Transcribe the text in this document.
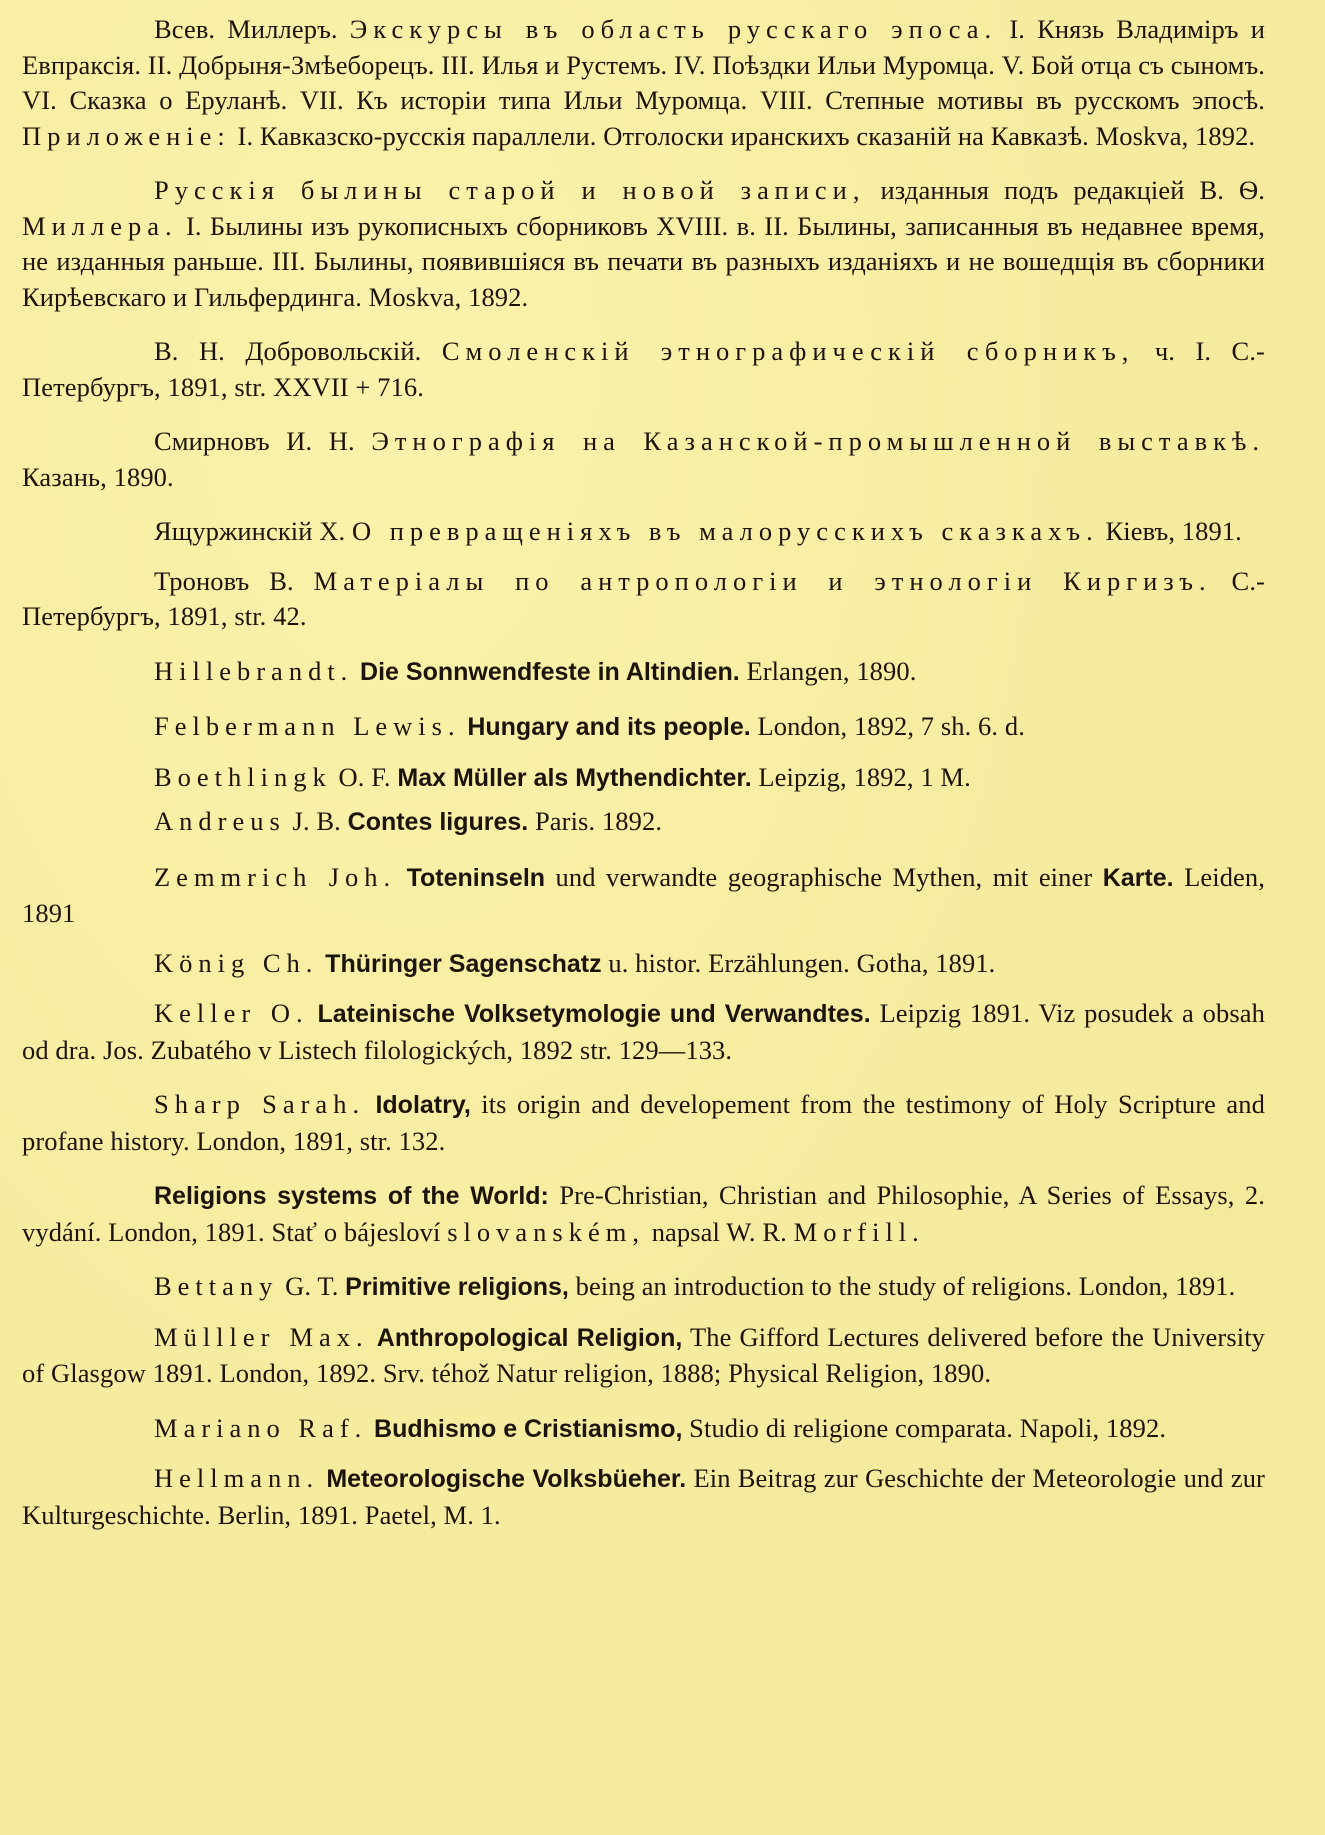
Всев. Миллеръ. Экскурсы въ область русскаго эпоса. I. Князь Владиміръ и Евпраксія. II. Добрыня-Змѣеборецъ. III. Илья и Рустемъ. IV. Поѣздки Ильи Муромца. V. Бой отца съ сыномъ. VI. Сказка о Еруланѣ. VII. Къ исторіи типа Ильи Муромца. VIII. Степные мотивы въ русскомъ эпосѣ. Приложеніе: I. Кавказско-русскія параллели. Отголоски иранскихъ сказаній на Кавказѣ. Moskva, 1892.

Русскія былины старой и новой записи, изданныя подъ редакціей В. Ѳ. Миллера. I. Былины изъ рукописныхъ сборниковъ XVIII. в. II. Былины, записанныя въ недавнее время, не изданныя раньше. III. Былины, появившіяся въ печати въ разныхъ изданіяхъ и не вошедщія въ сборники Кирѣевскаго и Гильфердинга. Moskva, 1892.

В. Н. Добровольскій. Смоленскій этнографическій сборникъ, ч. I. С.-Петербургъ, 1891, str. XXVII + 716.

Смирновъ И. Н. Этнографія на Казанской-промышленной выставкѣ. Казань, 1890.

Ящуржинскій Х. О превращеніяхъ въ малорусскихъ сказкахъ. Кіевъ, 1891.

Троновъ В. Матеріалы по антропологіи и этнологіи Киргизъ. С.-Петербургъ, 1891, str. 42.

Hillebrandt. Die Sonnwendfeste in Altindien. Erlangen, 1890.

Felbermann Lewis. Hungary and its people. London, 1892, 7 sh. 6. d.

Boethlingk O. F. Max Müller als Mythendichter. Leipzig, 1892, 1 M.

Andreus J. B. Contes ligures. Paris. 1892.

Zemmrich Joh. Toteninseln und verwandte geographische Mythen, mit einer Karte. Leiden, 1891

König Ch. Thüringer Sagenschatz u. histor. Erzählungen. Gotha, 1891.

Keller O. Lateinische Volksetymologie und Verwandtes. Leipzig 1891. Viz posudek a obsah od dra. Jos. Zubatého v Listech filologických, 1892 str. 129—133.

Sharp Sarah. Idolatry, its origin and developement from the testimony of Holy Scripture and profane history. London, 1891, str. 132.

Religions systems of the World: Pre-Christian, Christian and Philosophie, A Series of Essays, 2. vydání. London, 1891. Stať o bájesloví slovanském, napsal W. R. Morfill.

Bettany G. T. Primitive religions, being an introduction to the study of religions. London, 1891.

Mülller Max. Anthropological Religion, The Gifford Lectures delivered before the University of Glasgow 1891. London, 1892. Srv. téhož Natur religion, 1888; Physical Religion, 1890.

Mariano Raf. Budhismo e Cristianismo, Studio di religione comparata. Napoli, 1892.

Hellmann. Meteorologische Volksbüeher. Ein Beitrag zur Geschichte der Meteorologie und zur Kulturgeschichte. Berlin, 1891. Paetel, M. 1.
